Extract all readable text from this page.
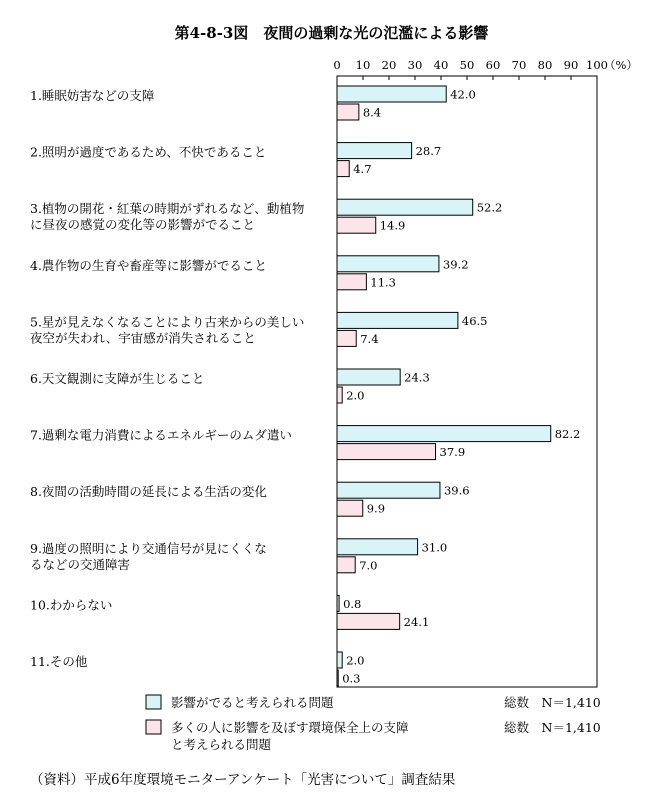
第4-8-3図　夜間の過剰な光の氾濫による影響
0 10 20 30 40 50 60 70 80 90 100
（%）
42.0
8.4
28.7
4.7
52.2
14.9
39.2
11.3
46.5
7.4
24.3
2.0
82.2
37.9
39.6
9.9
31.0
7.0
0.8
24.1
2.0
0.3
1.睡眠妨害などの支障
2.照明が過度であるため、不快であること
3.植物の開花・紅葉の時期がずれるなど、動植物
に昼夜の感覚の変化等の影響がでること
4.農作物の生育や畜産等に影響がでること
5.星が見えなくなることにより古来からの美しい
夜空が失われ、宇宙感が消失されること
6.天文観測に支障が生じること
7.過剰な電力消費によるエネルギーのムダ遣い
8.夜間の活動時間の延長による生活の変化
9.過度の照明により交通信号が見にくくな
るなどの交通障害
10.わからない
11.その他
影響がでると考えられる問題	総数　N＝1,410
多くの人に影響を及ぼす環境保全上の支障
と考えられる問題
総数　N＝1,410
（資料）平成6年度環境モニターアンケート「光害について」調査結果
